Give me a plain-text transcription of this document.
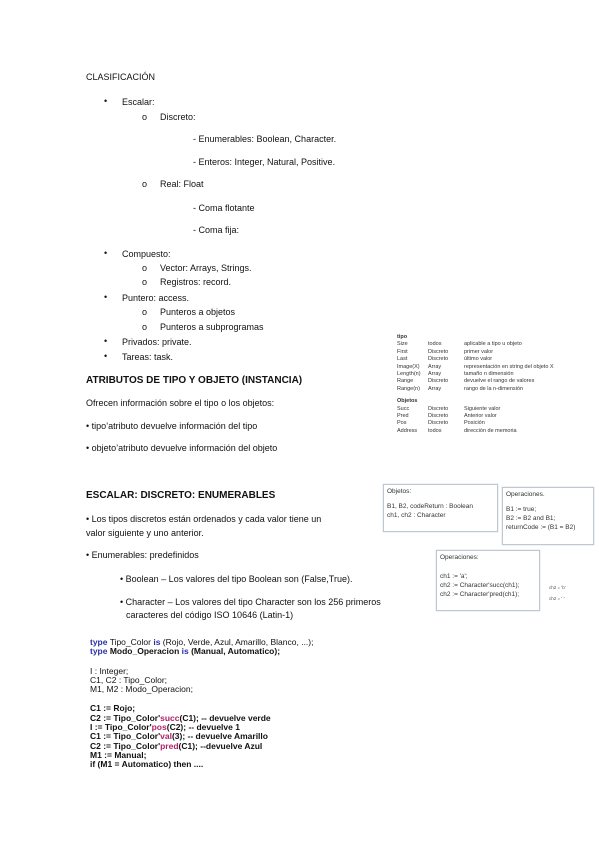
CLASIFICACIÓN
• Escalar:
o Discreto:
- Enumerables: Boolean, Character.
- Enteros: Integer, Natural, Positive.
o Real: Float
- Coma flotante
- Coma fija:
• Compuesto:
o Vector: Arrays, Strings.
o Registros: record.
• Puntero: access.
o Punteros a objetos
o Punteros a subprogramas
• Privados: private.
• Tareas: task.
ATRIBUTOS DE TIPO Y OBJETO (INSTANCIA)
Ofrecen información sobre el tipo o los objetos:
• tipo’atributo devuelve información del tipo
• objeto’atributo devuelve información del objeto
tipo
Size	todos	aplicable a tipo u objeto
First	Discreto	primer valor
Last	Discreto	último valor
Image(X)	Array	representación en string del objeto X
Length(n)	Array	tamaño n dimensión
Range	Discreto	devuelve el rango de valores
Range(n)	Array	rango de la n-dimensión
Objetos
Succ	Discreto	Siguiente valor
Pred	Discreto	Anterior valor
Pos	Discreto	Posición
Address	todos	dirección de memoria
ESCALAR: DISCRETO: ENUMERABLES
• Los tipos discretos están ordenados y cada valor tiene un
valor siguiente y uno anterior.
• Enumerables: predefinidos
• Boolean – Los valores del tipo Boolean son (False,True).
• Character – Los valores del tipo Character son los 256 primeros
caracteres del código ISO 10646 (Latin-1)
Objetos:
B1, B2, codeReturn : Boolean
ch1, ch2 : Character
Operaciones.
B1 := true;
B2 := B2 and B1;
returnCode := (B1 = B2)
Operaciones:
ch1 := 'a';
ch2 := Character'succ(ch1);
ch2 := Character'pred(ch1);
ch2 = 'b'
ch2 = '`'
type Tipo_Color is (Rojo, Verde, Azul, Amarillo, Blanco, ...);
type Modo_Operacion is (Manual, Automatico);
I : Integer;
C1, C2 : Tipo_Color;
M1, M2 : Modo_Operacion;
C1 := Rojo;
C2 := Tipo_Color'succ(C1); -- devuelve verde
I := Tipo_Color'pos(C2); -- devuelve 1
C1 := Tipo_Color'val(3); -- devuelve Amarillo
C2 := Tipo_Color'pred(C1); --devuelve Azul
M1 := Manual;
if (M1 = Automatico) then ....
